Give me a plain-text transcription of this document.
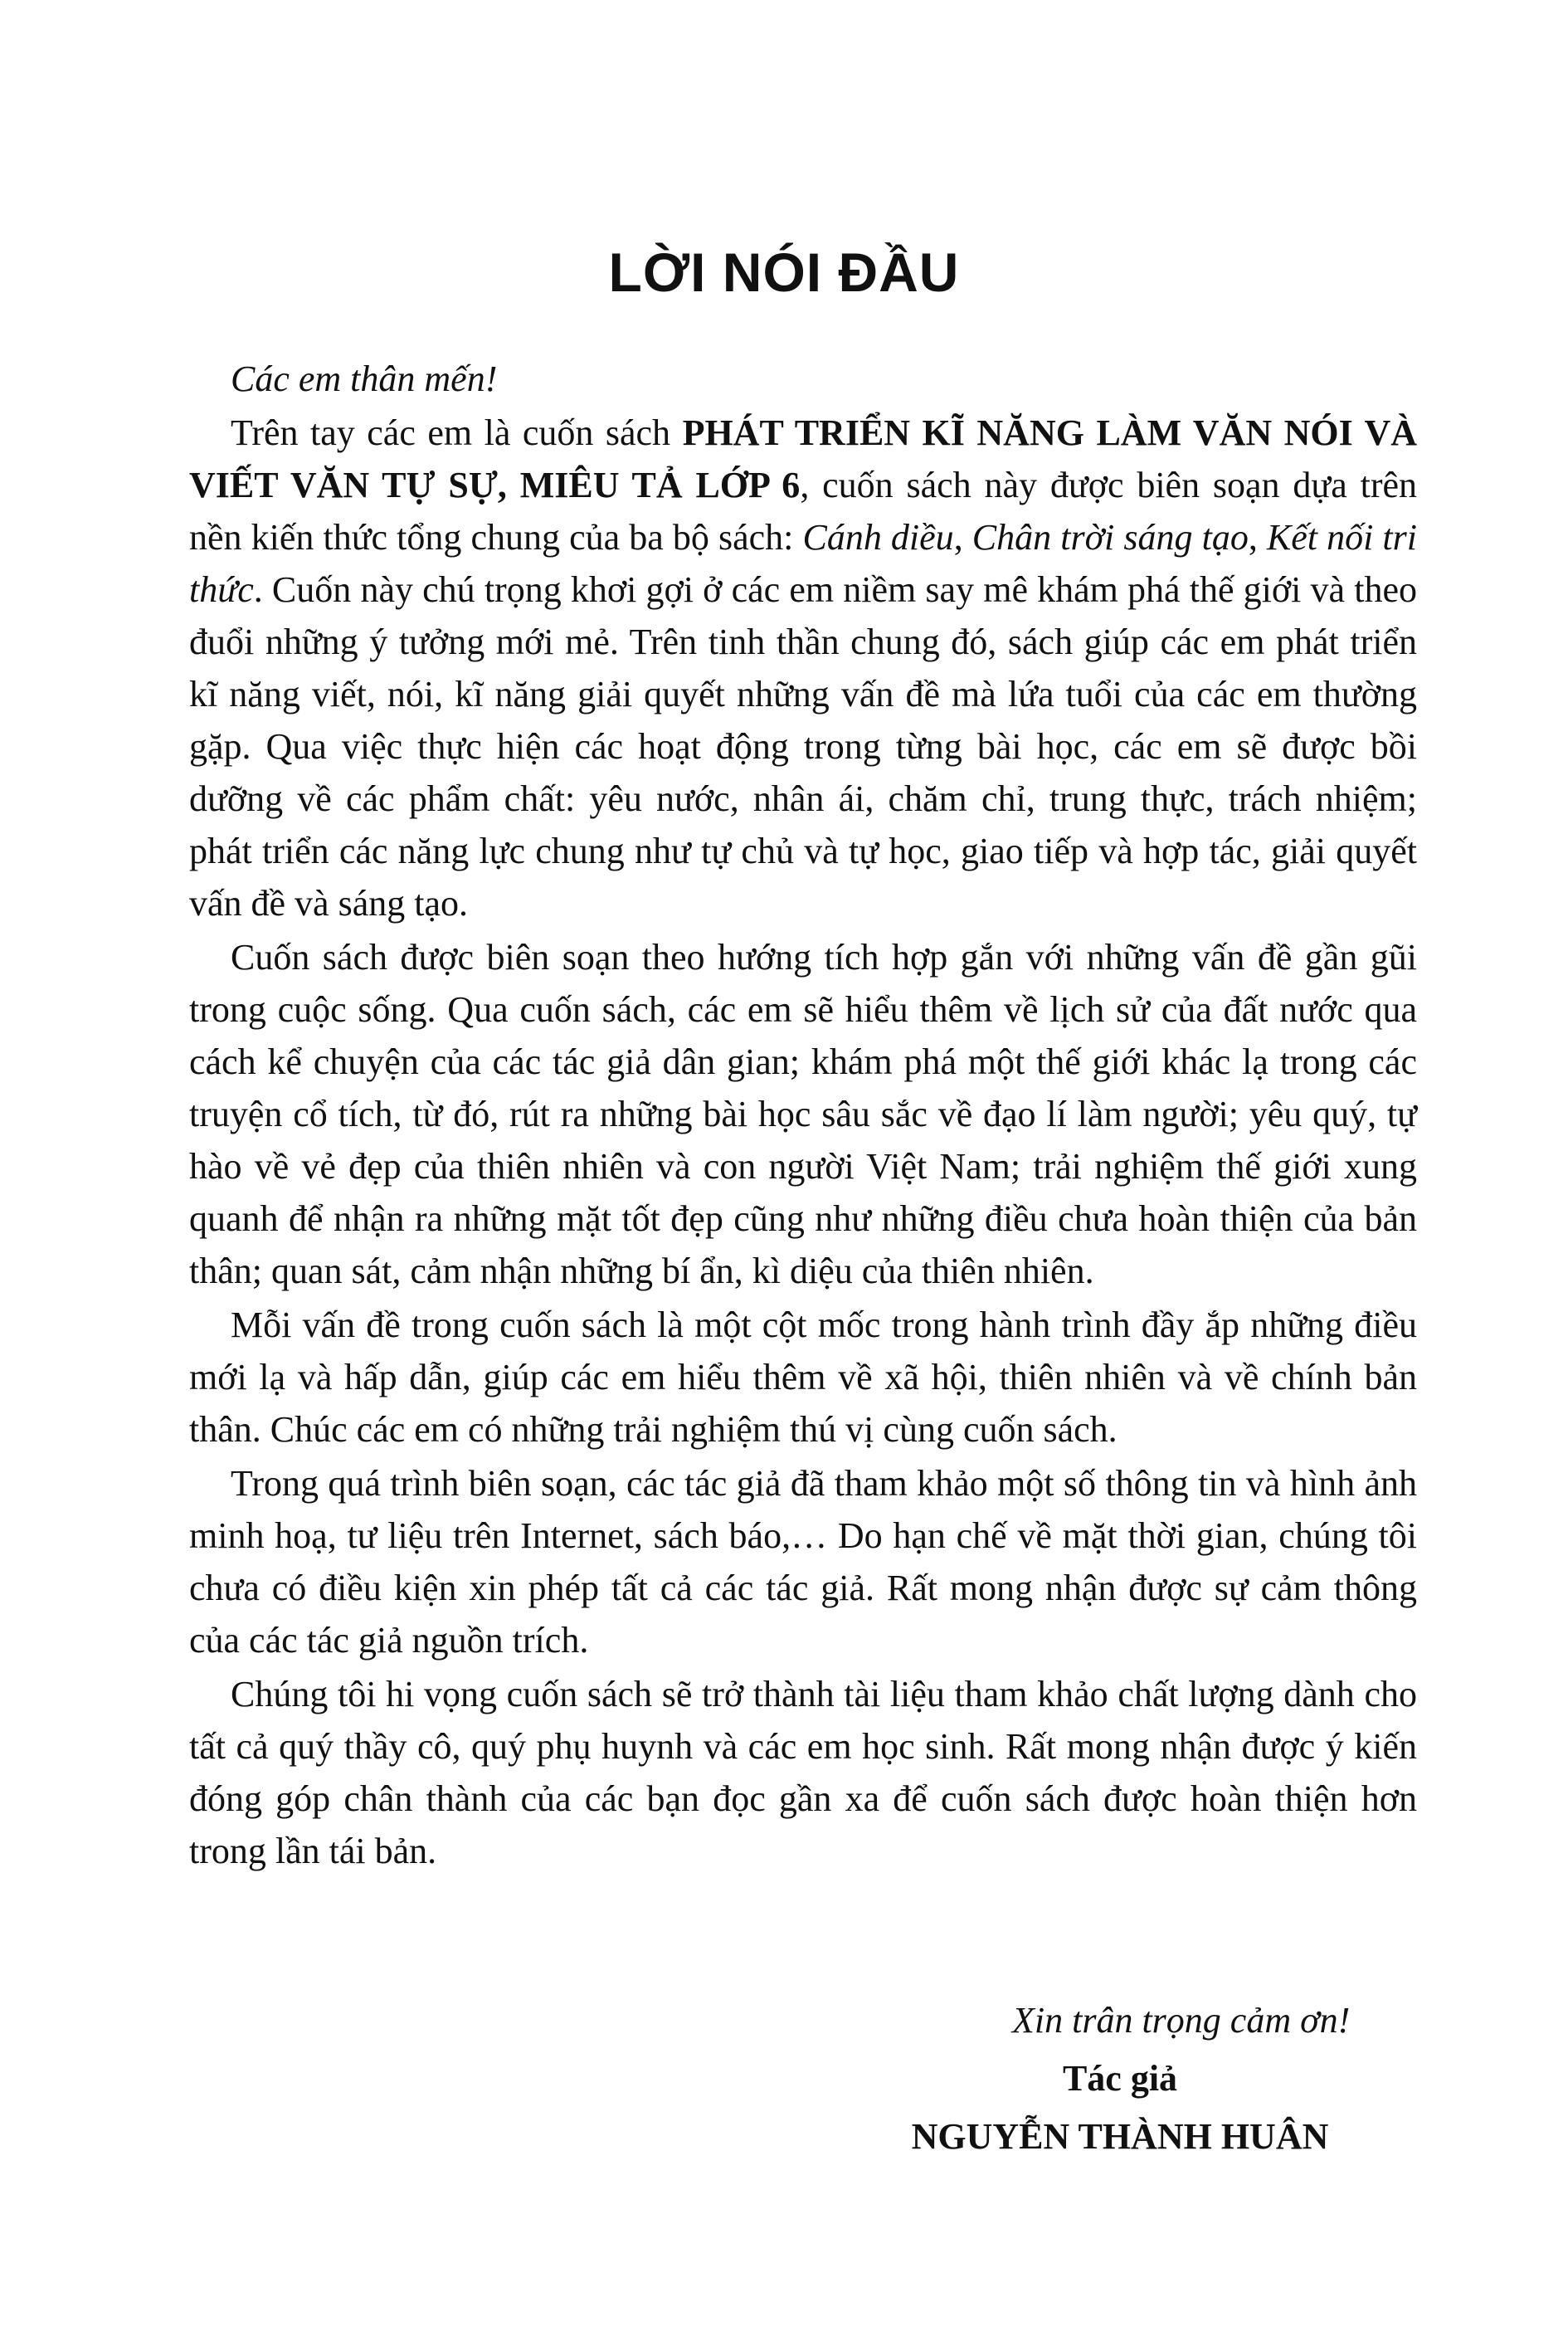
LỜI NÓI ĐẦU

Các em thân mến!

Trên tay các em là cuốn sách PHÁT TRIỂN KĨ NĂNG LÀM VĂN NÓI VÀ VIẾT VĂN TỰ SỰ, MIÊU TẢ LỚP 6, cuốn sách này được biên soạn dựa trên nền kiến thức tổng chung của ba bộ sách: Cánh diều, Chân trời sáng tạo, Kết nối tri thức. Cuốn này chú trọng khơi gợi ở các em niềm say mê khám phá thế giới và theo đuổi những ý tưởng mới mẻ. Trên tinh thần chung đó, sách giúp các em phát triển kĩ năng viết, nói, kĩ năng giải quyết những vấn đề mà lứa tuổi của các em thường gặp. Qua việc thực hiện các hoạt động trong từng bài học, các em sẽ được bồi dưỡng về các phẩm chất: yêu nước, nhân ái, chăm chỉ, trung thực, trách nhiệm; phát triển các năng lực chung như tự chủ và tự học, giao tiếp và hợp tác, giải quyết vấn đề và sáng tạo.

Cuốn sách được biên soạn theo hướng tích hợp gắn với những vấn đề gần gũi trong cuộc sống. Qua cuốn sách, các em sẽ hiểu thêm về lịch sử của đất nước qua cách kể chuyện của các tác giả dân gian; khám phá một thế giới khác lạ trong các truyện cổ tích, từ đó, rút ra những bài học sâu sắc về đạo lí làm người; yêu quý, tự hào về vẻ đẹp của thiên nhiên và con người Việt Nam; trải nghiệm thế giới xung quanh để nhận ra những mặt tốt đẹp cũng như những điều chưa hoàn thiện của bản thân; quan sát, cảm nhận những bí ẩn, kì diệu của thiên nhiên.

Mỗi vấn đề trong cuốn sách là một cột mốc trong hành trình đầy ắp những điều mới lạ và hấp dẫn, giúp các em hiểu thêm về xã hội, thiên nhiên và về chính bản thân. Chúc các em có những trải nghiệm thú vị cùng cuốn sách.

Trong quá trình biên soạn, các tác giả đã tham khảo một số thông tin và hình ảnh minh hoạ, tư liệu trên Internet, sách báo,… Do hạn chế về mặt thời gian, chúng tôi chưa có điều kiện xin phép tất cả các tác giả. Rất mong nhận được sự cảm thông của các tác giả nguồn trích.

Chúng tôi hi vọng cuốn sách sẽ trở thành tài liệu tham khảo chất lượng dành cho tất cả quý thầy cô, quý phụ huynh và các em học sinh. Rất mong nhận được ý kiến đóng góp chân thành của các bạn đọc gần xa để cuốn sách được hoàn thiện hơn trong lần tái bản.

Xin trân trọng cảm ơn!
Tác giả
NGUYỄN THÀNH HUÂN
